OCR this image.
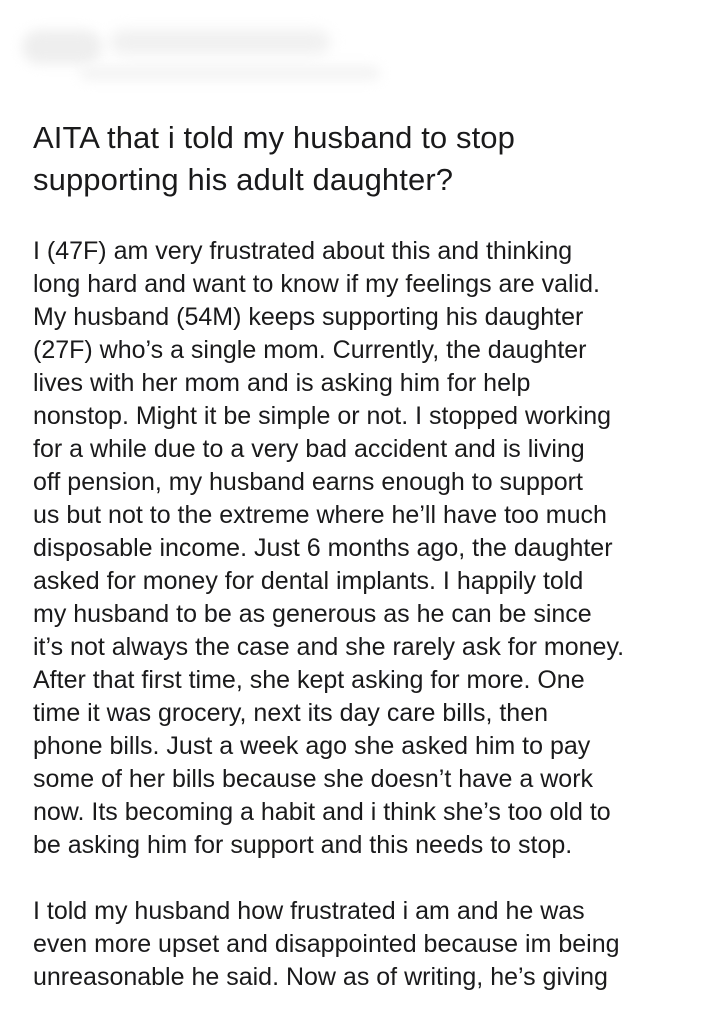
AITA that i told my husband to stop
supporting his adult daughter?

I (47F) am very frustrated about this and thinking
long hard and want to know if my feelings are valid.
My husband (54M) keeps supporting his daughter
(27F) who’s a single mom. Currently, the daughter
lives with her mom and is asking him for help
nonstop. Might it be simple or not. I stopped working
for a while due to a very bad accident and is living
off pension, my husband earns enough to support
us but not to the extreme where he’ll have too much
disposable income. Just 6 months ago, the daughter
asked for money for dental implants. I happily told
my husband to be as generous as he can be since
it’s not always the case and she rarely ask for money.
After that first time, she kept asking for more. One
time it was grocery, next its day care bills, then
phone bills. Just a week ago she asked him to pay
some of her bills because she doesn’t have a work
now. Its becoming a habit and i think she’s too old to
be asking him for support and this needs to stop.

I told my husband how frustrated i am and he was
even more upset and disappointed because im being
unreasonable he said. Now as of writing, he’s giving
